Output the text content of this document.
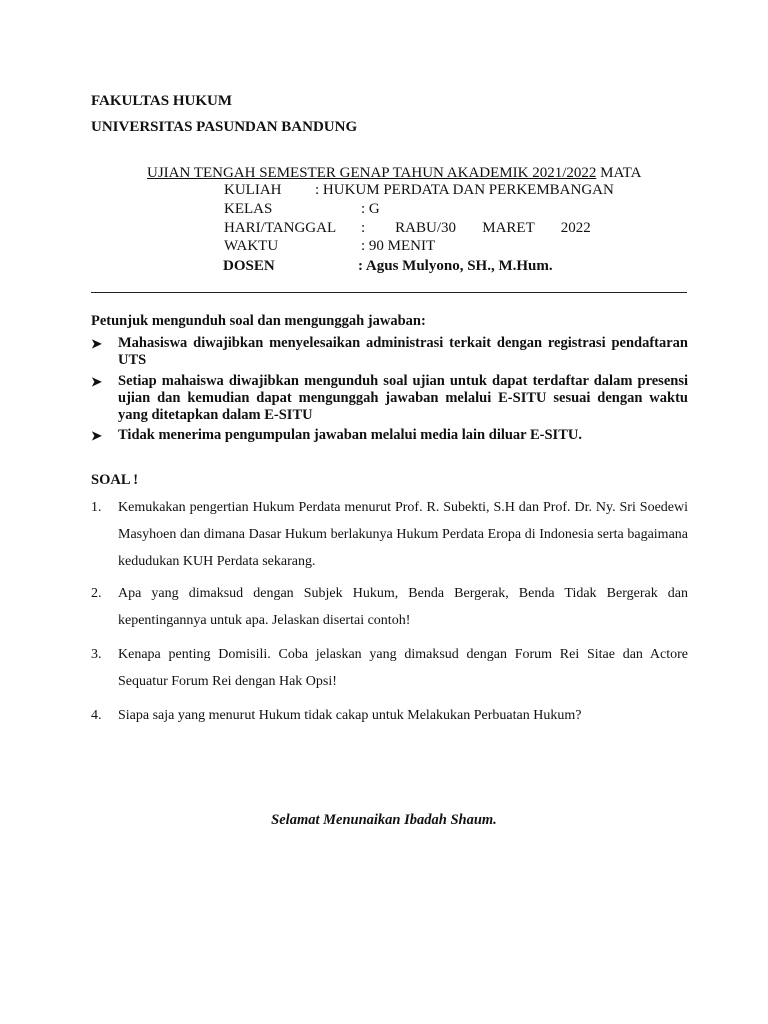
FAKULTAS HUKUM
UNIVERSITAS PASUNDAN BANDUNG
UJIAN TENGAH SEMESTER GENAP TAHUN AKADEMIK 2021/2022 MATA
KULIAH : HUKUM PERDATA DAN PERKEMBANGAN
KELAS	: G
HARI/TANGGAL :        RABU/30       MARET       2022
WAKTU	: 90 MENIT
DOSEN	: Agus Mulyono, SH., M.Hum.
Petunjuk mengunduh soal dan mengunggah jawaban:
➤ Mahasiswa diwajibkan menyelesaikan administrasi terkait dengan registrasi pendaftaran UTS
➤ Setiap mahaiswa diwajibkan mengunduh soal ujian untuk dapat terdaftar dalam presensi ujian dan kemudian dapat mengunggah jawaban melalui E-SITU sesuai dengan waktu yang ditetapkan dalam E-SITU
➤ Tidak menerima pengumpulan jawaban melalui media lain diluar E-SITU.
SOAL !
1. Kemukakan pengertian Hukum Perdata menurut Prof. R. Subekti, S.H dan Prof. Dr. Ny. Sri Soedewi Masyhoen dan dimana Dasar Hukum berlakunya Hukum Perdata Eropa di Indonesia serta bagaimana kedudukan KUH Perdata sekarang.
2. Apa yang dimaksud dengan Subjek Hukum, Benda Bergerak, Benda Tidak Bergerak dan kepentingannya untuk apa. Jelaskan disertai contoh!
3. Kenapa penting Domisili. Coba jelaskan yang dimaksud dengan Forum Rei Sitae dan Actore Sequatur Forum Rei dengan Hak Opsi!
4. Siapa saja yang menurut Hukum tidak cakap untuk Melakukan Perbuatan Hukum?
Selamat Menunaikan Ibadah Shaum.
